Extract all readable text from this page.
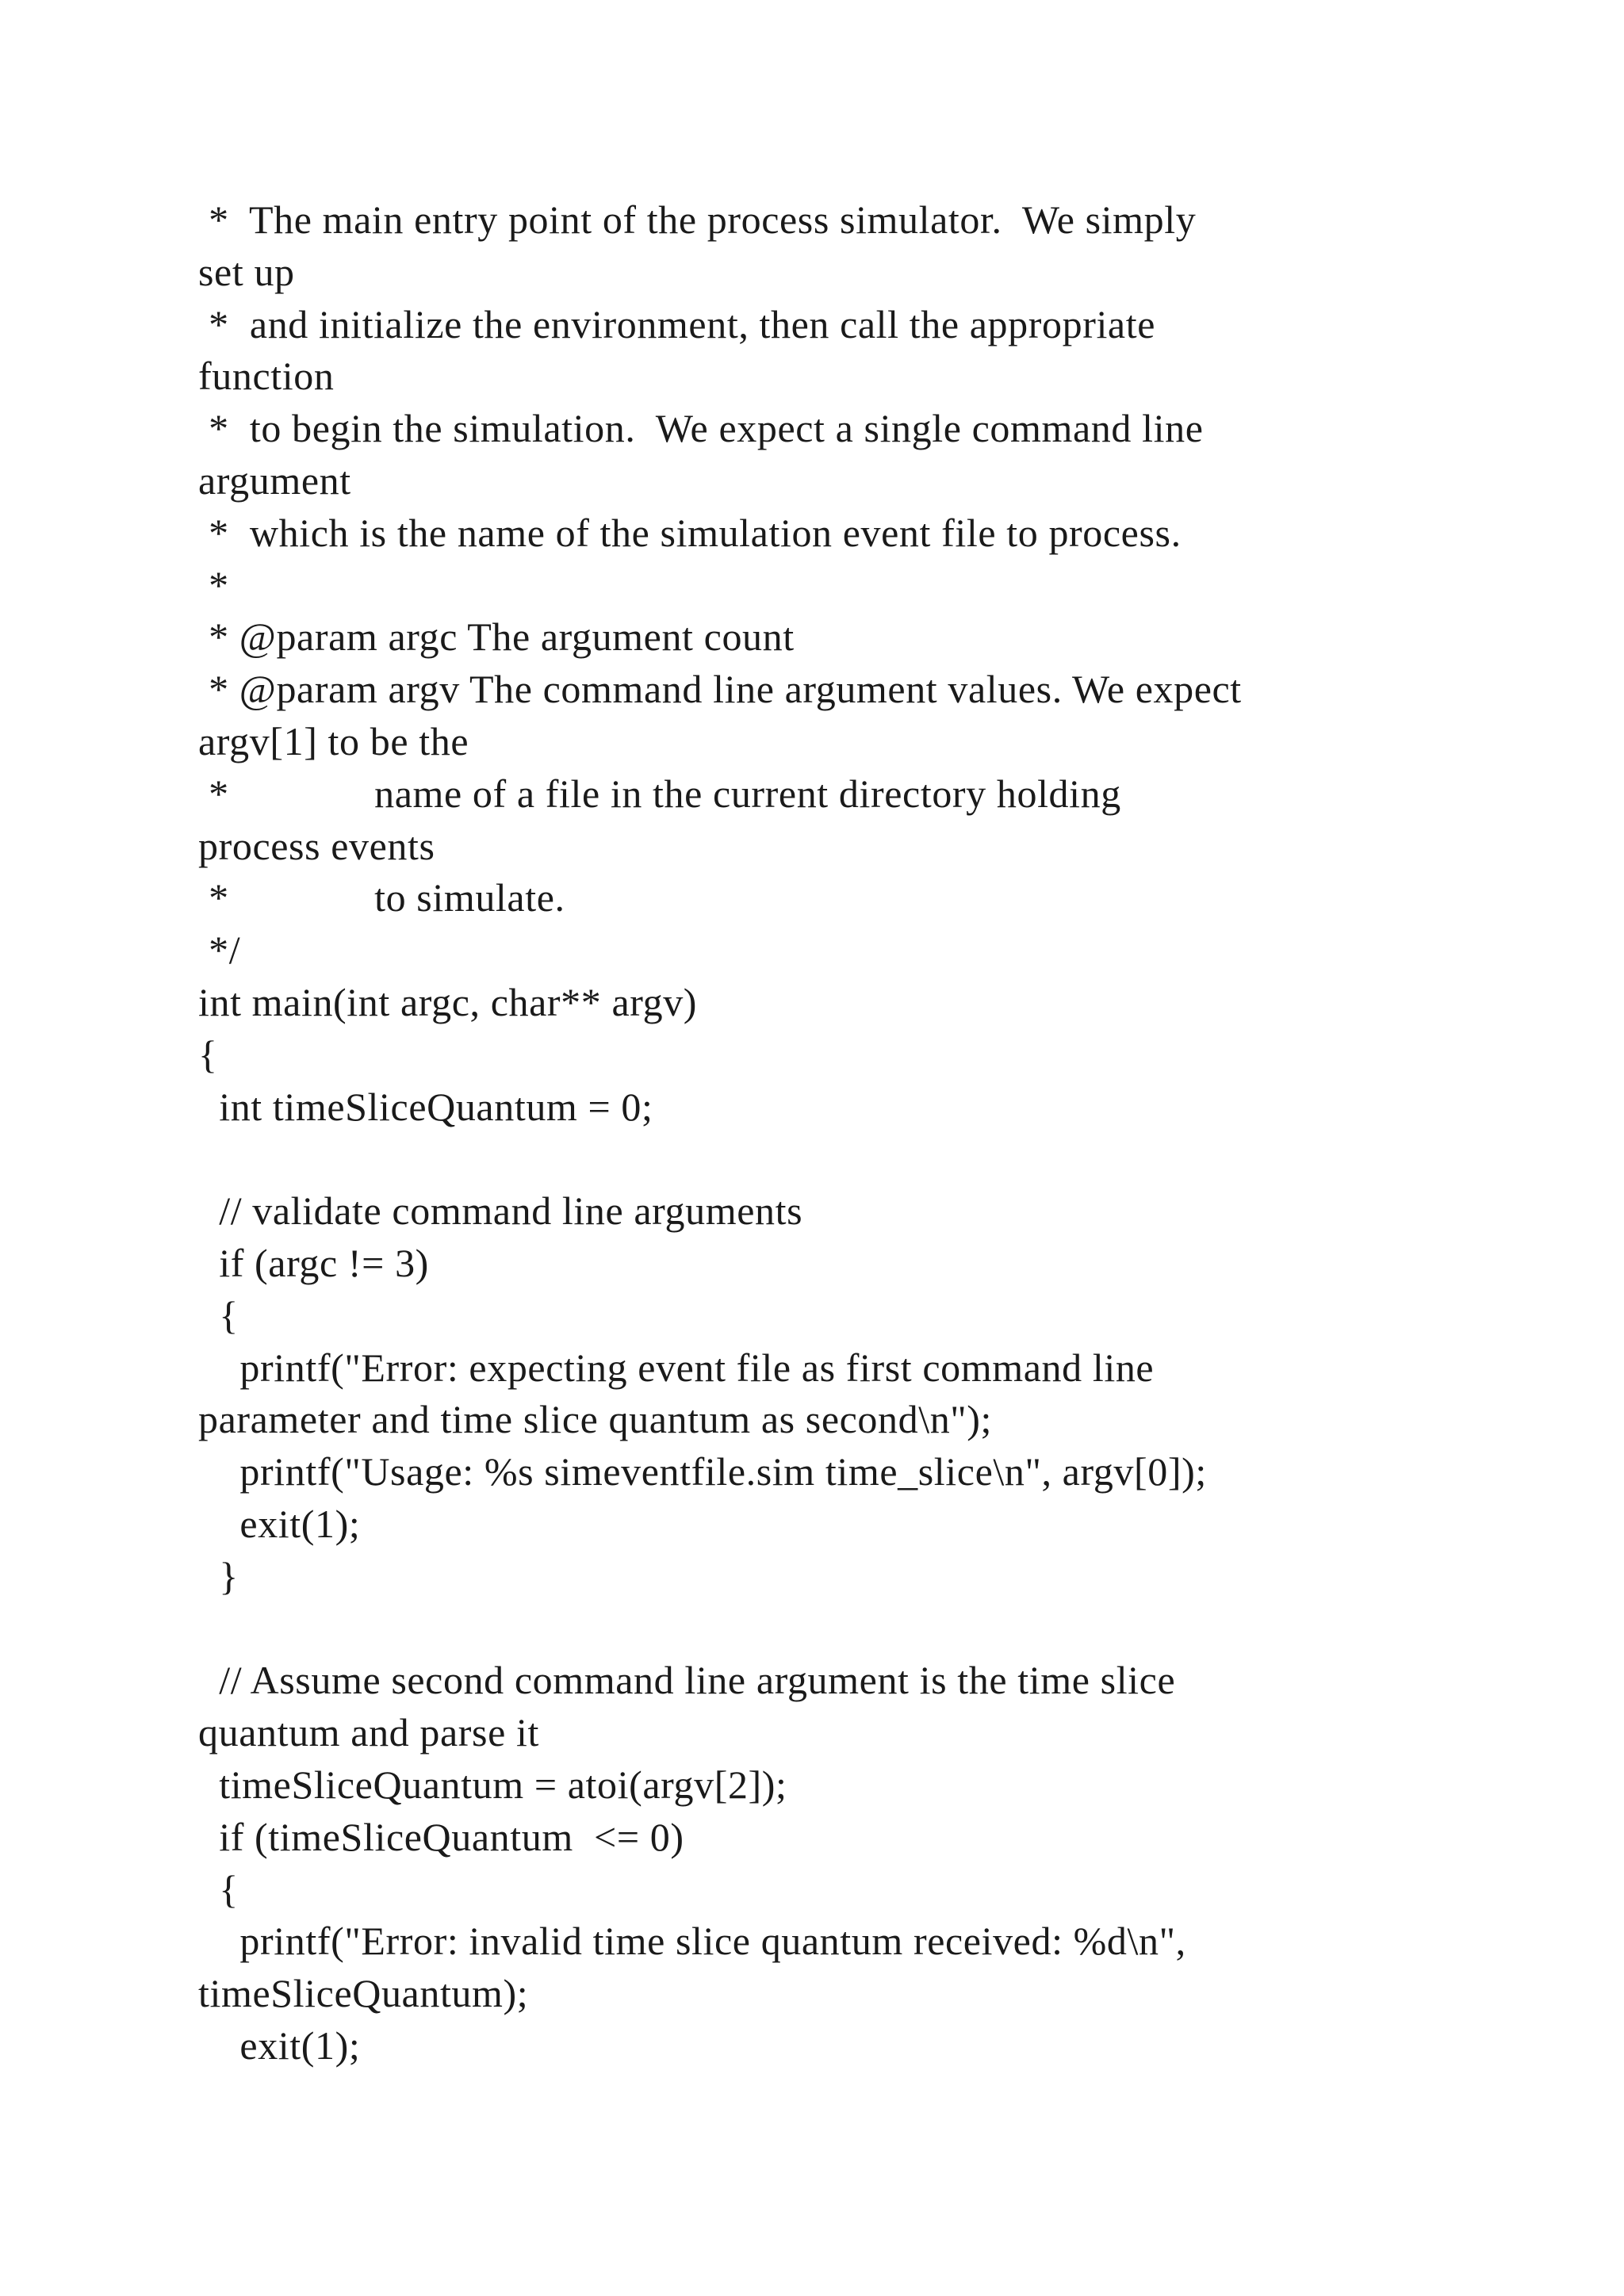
*  The main entry point of the process simulator.  We simply
set up
*  and initialize the environment, then call the appropriate
function
*  to begin the simulation.  We expect a single command line
argument
*  which is the name of the simulation event file to process.
*
* @param argc The argument count
* @param argv The command line argument values. We expect
argv[1] to be the
*              name of a file in the current directory holding
process events
*              to simulate.
*/
int main(int argc, char** argv)
{
int timeSliceQuantum = 0;
// validate command line arguments
if (argc != 3)
{
printf("Error: expecting event file as first command line
parameter and time slice quantum as second\n");
printf("Usage: %s simeventfile.sim time_slice\n", argv[0]);
exit(1);
}
// Assume second command line argument is the time slice
quantum and parse it
timeSliceQuantum = atoi(argv[2]);
if (timeSliceQuantum  <= 0)
{
printf("Error: invalid time slice quantum received: %d\n",
timeSliceQuantum);
exit(1);
